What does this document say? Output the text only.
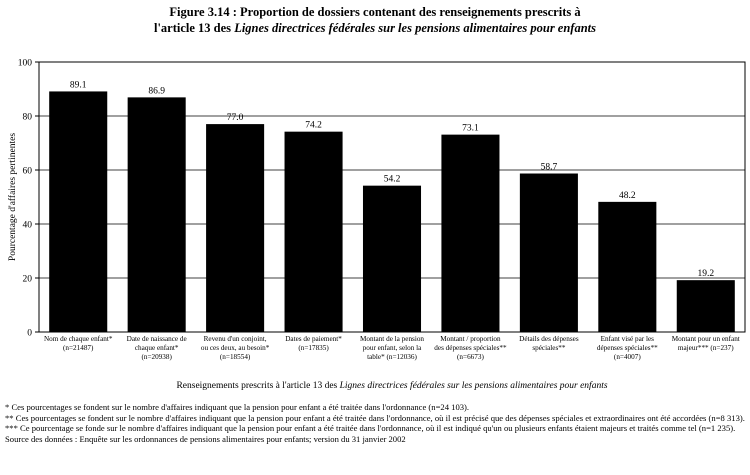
Figure 3.14 : Proportion de dossiers contenant des renseignements prescrits à
l'article 13 des Lignes directrices fédérales sur les pensions alimentaires pour enfants
0
20
40
60
80
100
Pourcentage d'affaires pertinentes
89.1
Nom de chaque enfant* (n=21487)
86.9
Date de naissance de chaque enfant* (n=20938)
77.0
Revenu d'un conjoint, ou ces deux, au besoin* (n=18554)
74.2
Dates de paiement* (n=17835)
54.2
Montant de la pension pour enfant, selon la table* (n=12036)
73.1
Montant / proportion des dépenses spéciales** (n=6673)
58.7
Détails des dépenses spéciales**
48.2
Enfant visé par les dépenses spéciales** (n=4007)
19.2
Montant pour un enfant majeur*** (n=237)
Renseignements prescrits à l'article 13 des Lignes directrices fédérales sur les pensions alimentaires pour enfants
* Ces pourcentages se fondent sur le nombre d'affaires indiquant que la pension pour enfant a été traitée dans l'ordonnance (n=24 103).
** Ces pourcentages se fondent sur le nombre d'affaires indiquant que la pension pour enfant a été traitée dans l'ordonnance, où il est précisé que des dépenses spéciales et extraordinaires ont été accordées (n=8 313).
*** Ce pourcentage se fonde sur le nombre d'affaires indiquant que la pension pour enfant a été traitée dans l'ordonnance, où il est indiqué qu'un ou plusieurs enfants étaient majeurs et traités comme tel (n=1 235).
Source des données : Enquête sur les ordonnances de pensions alimentaires pour enfants; version du 31 janvier 2002
